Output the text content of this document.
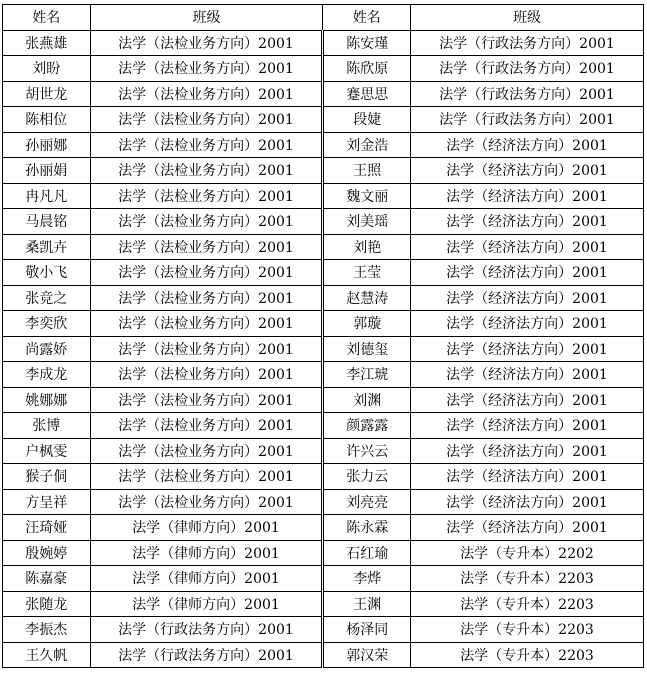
姓名	班级	姓名	班级
张燕雄	法学（法检业务方向）2001	陈安瑾	法学（行政法务方向）2001
刘盼	法学（法检业务方向）2001	陈欣原	法学（行政法务方向）2001
胡世龙	法学（法检业务方向）2001	蹇思思	法学（行政法务方向）2001
陈相位	法学（法检业务方向）2001	段婕	法学（行政法务方向）2001
孙丽娜	法学（法检业务方向）2001	刘金浩	法学（经济法方向）2001
孙丽娟	法学（法检业务方向）2001	王照	法学（经济法方向）2001
冉凡凡	法学（法检业务方向）2001	魏文丽	法学（经济法方向）2001
马晨铭	法学（法检业务方向）2001	刘美瑶	法学（经济法方向）2001
桑凯卉	法学（法检业务方向）2001	刘艳	法学（经济法方向）2001
敬小飞	法学（法检业务方向）2001	王莹	法学（经济法方向）2001
张竞之	法学（法检业务方向）2001	赵慧涛	法学（经济法方向）2001
李奕欣	法学（法检业务方向）2001	郭璇	法学（经济法方向）2001
尚露娇	法学（法检业务方向）2001	刘德玺	法学（经济法方向）2001
李成龙	法学（法检业务方向）2001	李江琥	法学（经济法方向）2001
姚娜娜	法学（法检业务方向）2001	刘渊	法学（经济法方向）2001
张博	法学（法检业务方向）2001	颜露露	法学（经济法方向）2001
户枫雯	法学（法检业务方向）2001	许兴云	法学（经济法方向）2001
猴子侗	法学（法检业务方向）2001	张力云	法学（经济法方向）2001
方呈祥	法学（法检业务方向）2001	刘亮亮	法学（经济法方向）2001
汪琦娅	法学（律师方向）2001	陈永霖	法学（经济法方向）2001
殷婉婷	法学（律师方向）2001	石红瑜	法学（专升本）2202
陈嘉豪	法学（律师方向）2001	李烨	法学（专升本）2203
张随龙	法学（律师方向）2001	王渊	法学（专升本）2203
李振杰	法学（行政法务方向）2001	杨泽同	法学（专升本）2203
王久帆	法学（行政法务方向）2001	郭汉荣	法学（专升本）2203
